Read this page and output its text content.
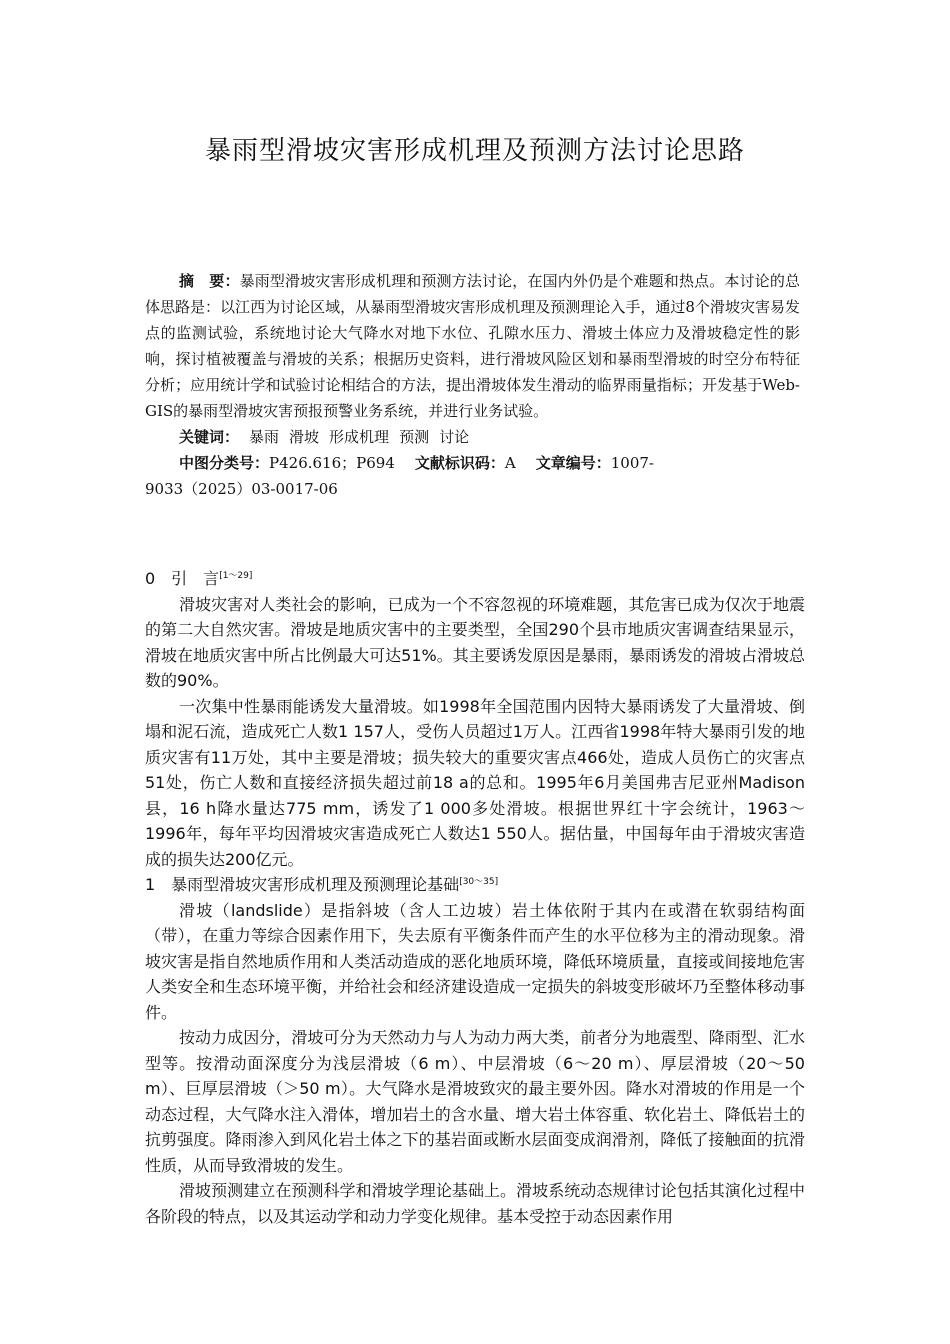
暴雨型滑坡灾害形成机理及预测方法讨论思路

摘　要：暴雨型滑坡灾害形成机理和预测方法讨论，在国内外仍是个难题和热点。本讨论的总体思路是：以江西为讨论区域，从暴雨型滑坡灾害形成机理及预测理论入手，通过8个滑坡灾害易发点的监测试验，系统地讨论大气降水对地下水位、孔隙水压力、滑坡土体应力及滑坡稳定性的影响，探讨植被覆盖与滑坡的关系；根据历史资料，进行滑坡风险区划和暴雨型滑坡的时空分布特征分析；应用统计学和试验讨论相结合的方法，提出滑坡体发生滑动的临界雨量指标；开发基于Web-GIS的暴雨型滑坡灾害预报预警业务系统，并进行业务试验。

关键词： 暴雨 滑坡 形成机理 预测 讨论

中图分类号：P426.616；P694 文献标识码：A 文章编号：1007-

9033（2025）03-0017-06

0　引　言[1～29]

滑坡灾害对人类社会的影响，已成为一个不容忽视的环境难题，其危害已成为仅次于地震的第二大自然灾害。滑坡是地质灾害中的主要类型，全国290个县市地质灾害调查结果显示，滑坡在地质灾害中所占比例最大可达51%。其主要诱发原因是暴雨，暴雨诱发的滑坡占滑坡总数的90%。

一次集中性暴雨能诱发大量滑坡。如1998年全国范围内因特大暴雨诱发了大量滑坡、倒塌和泥石流，造成死亡人数1 157人，受伤人员超过1万人。江西省1998年特大暴雨引发的地质灾害有11万处，其中主要是滑坡；损失较大的重要灾害点466处，造成人员伤亡的灾害点51处，伤亡人数和直接经济损失超过前18 a的总和。1995年6月美国弗吉尼亚州Madison县，16 h降水量达775 mm，诱发了1 000多处滑坡。根据世界红十字会统计，1963～1996年，每年平均因滑坡灾害造成死亡人数达1 550人。据估量，中国每年由于滑坡灾害造成的损失达200亿元。

1　暴雨型滑坡灾害形成机理及预测理论基础[30～35]

滑坡（landslide）是指斜坡（含人工边坡）岩土体依附于其内在或潜在软弱结构面（带），在重力等综合因素作用下，失去原有平衡条件而产生的水平位移为主的滑动现象。滑坡灾害是指自然地质作用和人类活动造成的恶化地质环境，降低环境质量，直接或间接地危害人类安全和生态环境平衡，并给社会和经济建设造成一定损失的斜坡变形破坏乃至整体移动事件。

按动力成因分，滑坡可分为天然动力与人为动力两大类，前者分为地震型、降雨型、汇水型等。按滑动面深度分为浅层滑坡（6 m）、中层滑坡（6～20 m）、厚层滑坡（20～50 m）、巨厚层滑坡（＞50 m）。大气降水是滑坡致灾的最主要外因。降水对滑坡的作用是一个动态过程，大气降水注入滑体，增加岩土的含水量、增大岩土体容重、软化岩土、降低岩土的抗剪强度。降雨渗入到风化岩土体之下的基岩面或断水层面变成润滑剂，降低了接触面的抗滑性质，从而导致滑坡的发生。

滑坡预测建立在预测科学和滑坡学理论基础上。滑坡系统动态规律讨论包括其演化过程中各阶段的特点，以及其运动学和动力学变化规律。基本受控于动态因素作用
